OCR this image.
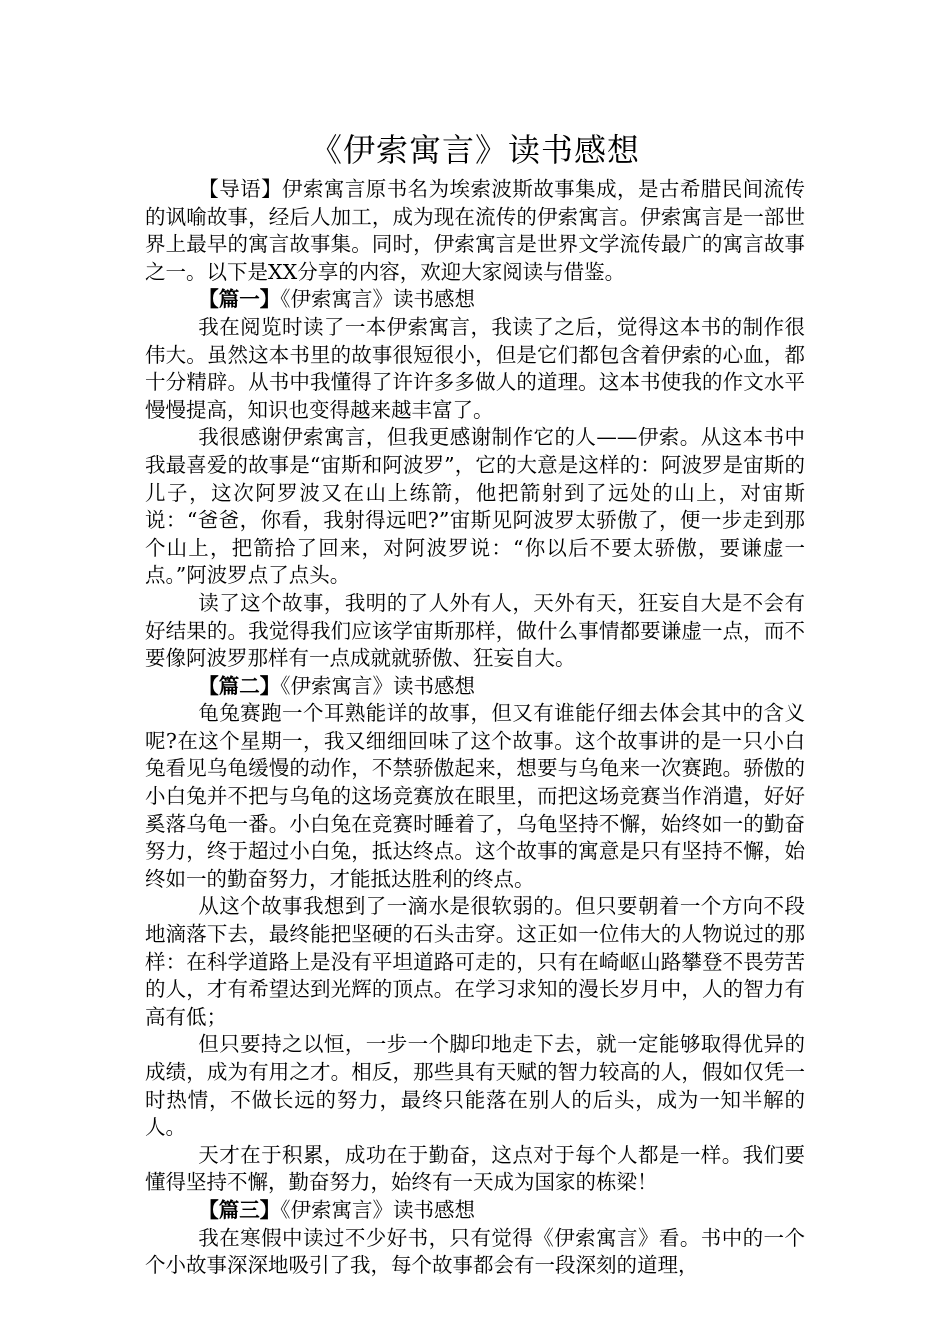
《伊索寓言》读书感想

【导语】伊索寓言原书名为埃索波斯故事集成，是古希腊民间流传的讽喻故事，经后人加工，成为现在流传的伊索寓言。伊索寓言是一部世界上最早的寓言故事集。同时，伊索寓言是世界文学流传最广的寓言故事之一。以下是XX分享的内容，欢迎大家阅读与借鉴。

【篇一】《伊索寓言》读书感想

我在阅览时读了一本伊索寓言，我读了之后，觉得这本书的制作很伟大。虽然这本书里的故事很短很小，但是它们都包含着伊索的心血，都十分精辟。从书中我懂得了许许多多做人的道理。这本书使我的作文水平慢慢提高，知识也变得越来越丰富了。

我很感谢伊索寓言，但我更感谢制作它的人——伊索。从这本书中我最喜爱的故事是“宙斯和阿波罗”，它的大意是这样的：阿波罗是宙斯的儿子，这次阿罗波又在山上练箭，他把箭射到了远处的山上，对宙斯说：“爸爸，你看，我射得远吧?”宙斯见阿波罗太骄傲了，便一步走到那个山上，把箭拾了回来，对阿波罗说：“你以后不要太骄傲，要谦虚一点。”阿波罗点了点头。

读了这个故事，我明的了人外有人，天外有天，狂妄自大是不会有好结果的。我觉得我们应该学宙斯那样，做什么事情都要谦虚一点，而不要像阿波罗那样有一点成就就骄傲、狂妄自大。

【篇二】《伊索寓言》读书感想

龟兔赛跑一个耳熟能详的故事，但又有谁能仔细去体会其中的含义呢?在这个星期一，我又细细回味了这个故事。这个故事讲的是一只小白兔看见乌龟缓慢的动作，不禁骄傲起来，想要与乌龟来一次赛跑。骄傲的小白兔并不把与乌龟的这场竞赛放在眼里，而把这场竞赛当作消遣，好好奚落乌龟一番。小白兔在竞赛时睡着了，乌龟坚持不懈，始终如一的勤奋努力，终于超过小白兔，抵达终点。这个故事的寓意是只有坚持不懈，始终如一的勤奋努力，才能抵达胜利的终点。

从这个故事我想到了一滴水是很软弱的。但只要朝着一个方向不段地滴落下去，最终能把坚硬的石头击穿。这正如一位伟大的人物说过的那样：在科学道路上是没有平坦道路可走的，只有在崎岖山路攀登不畏劳苦的人，才有希望达到光辉的顶点。在学习求知的漫长岁月中，人的智力有高有低；

但只要持之以恒，一步一个脚印地走下去，就一定能够取得优异的成绩，成为有用之才。相反，那些具有天赋的智力较高的人，假如仅凭一时热情，不做长远的努力，最终只能落在别人的后头，成为一知半解的人。

天才在于积累，成功在于勤奋，这点对于每个人都是一样。我们要懂得坚持不懈，勤奋努力，始终有一天成为国家的栋梁！

【篇三】《伊索寓言》读书感想

我在寒假中读过不少好书，只有觉得《伊索寓言》看。书中的一个个小故事深深地吸引了我，每个故事都会有一段深刻的道理，
